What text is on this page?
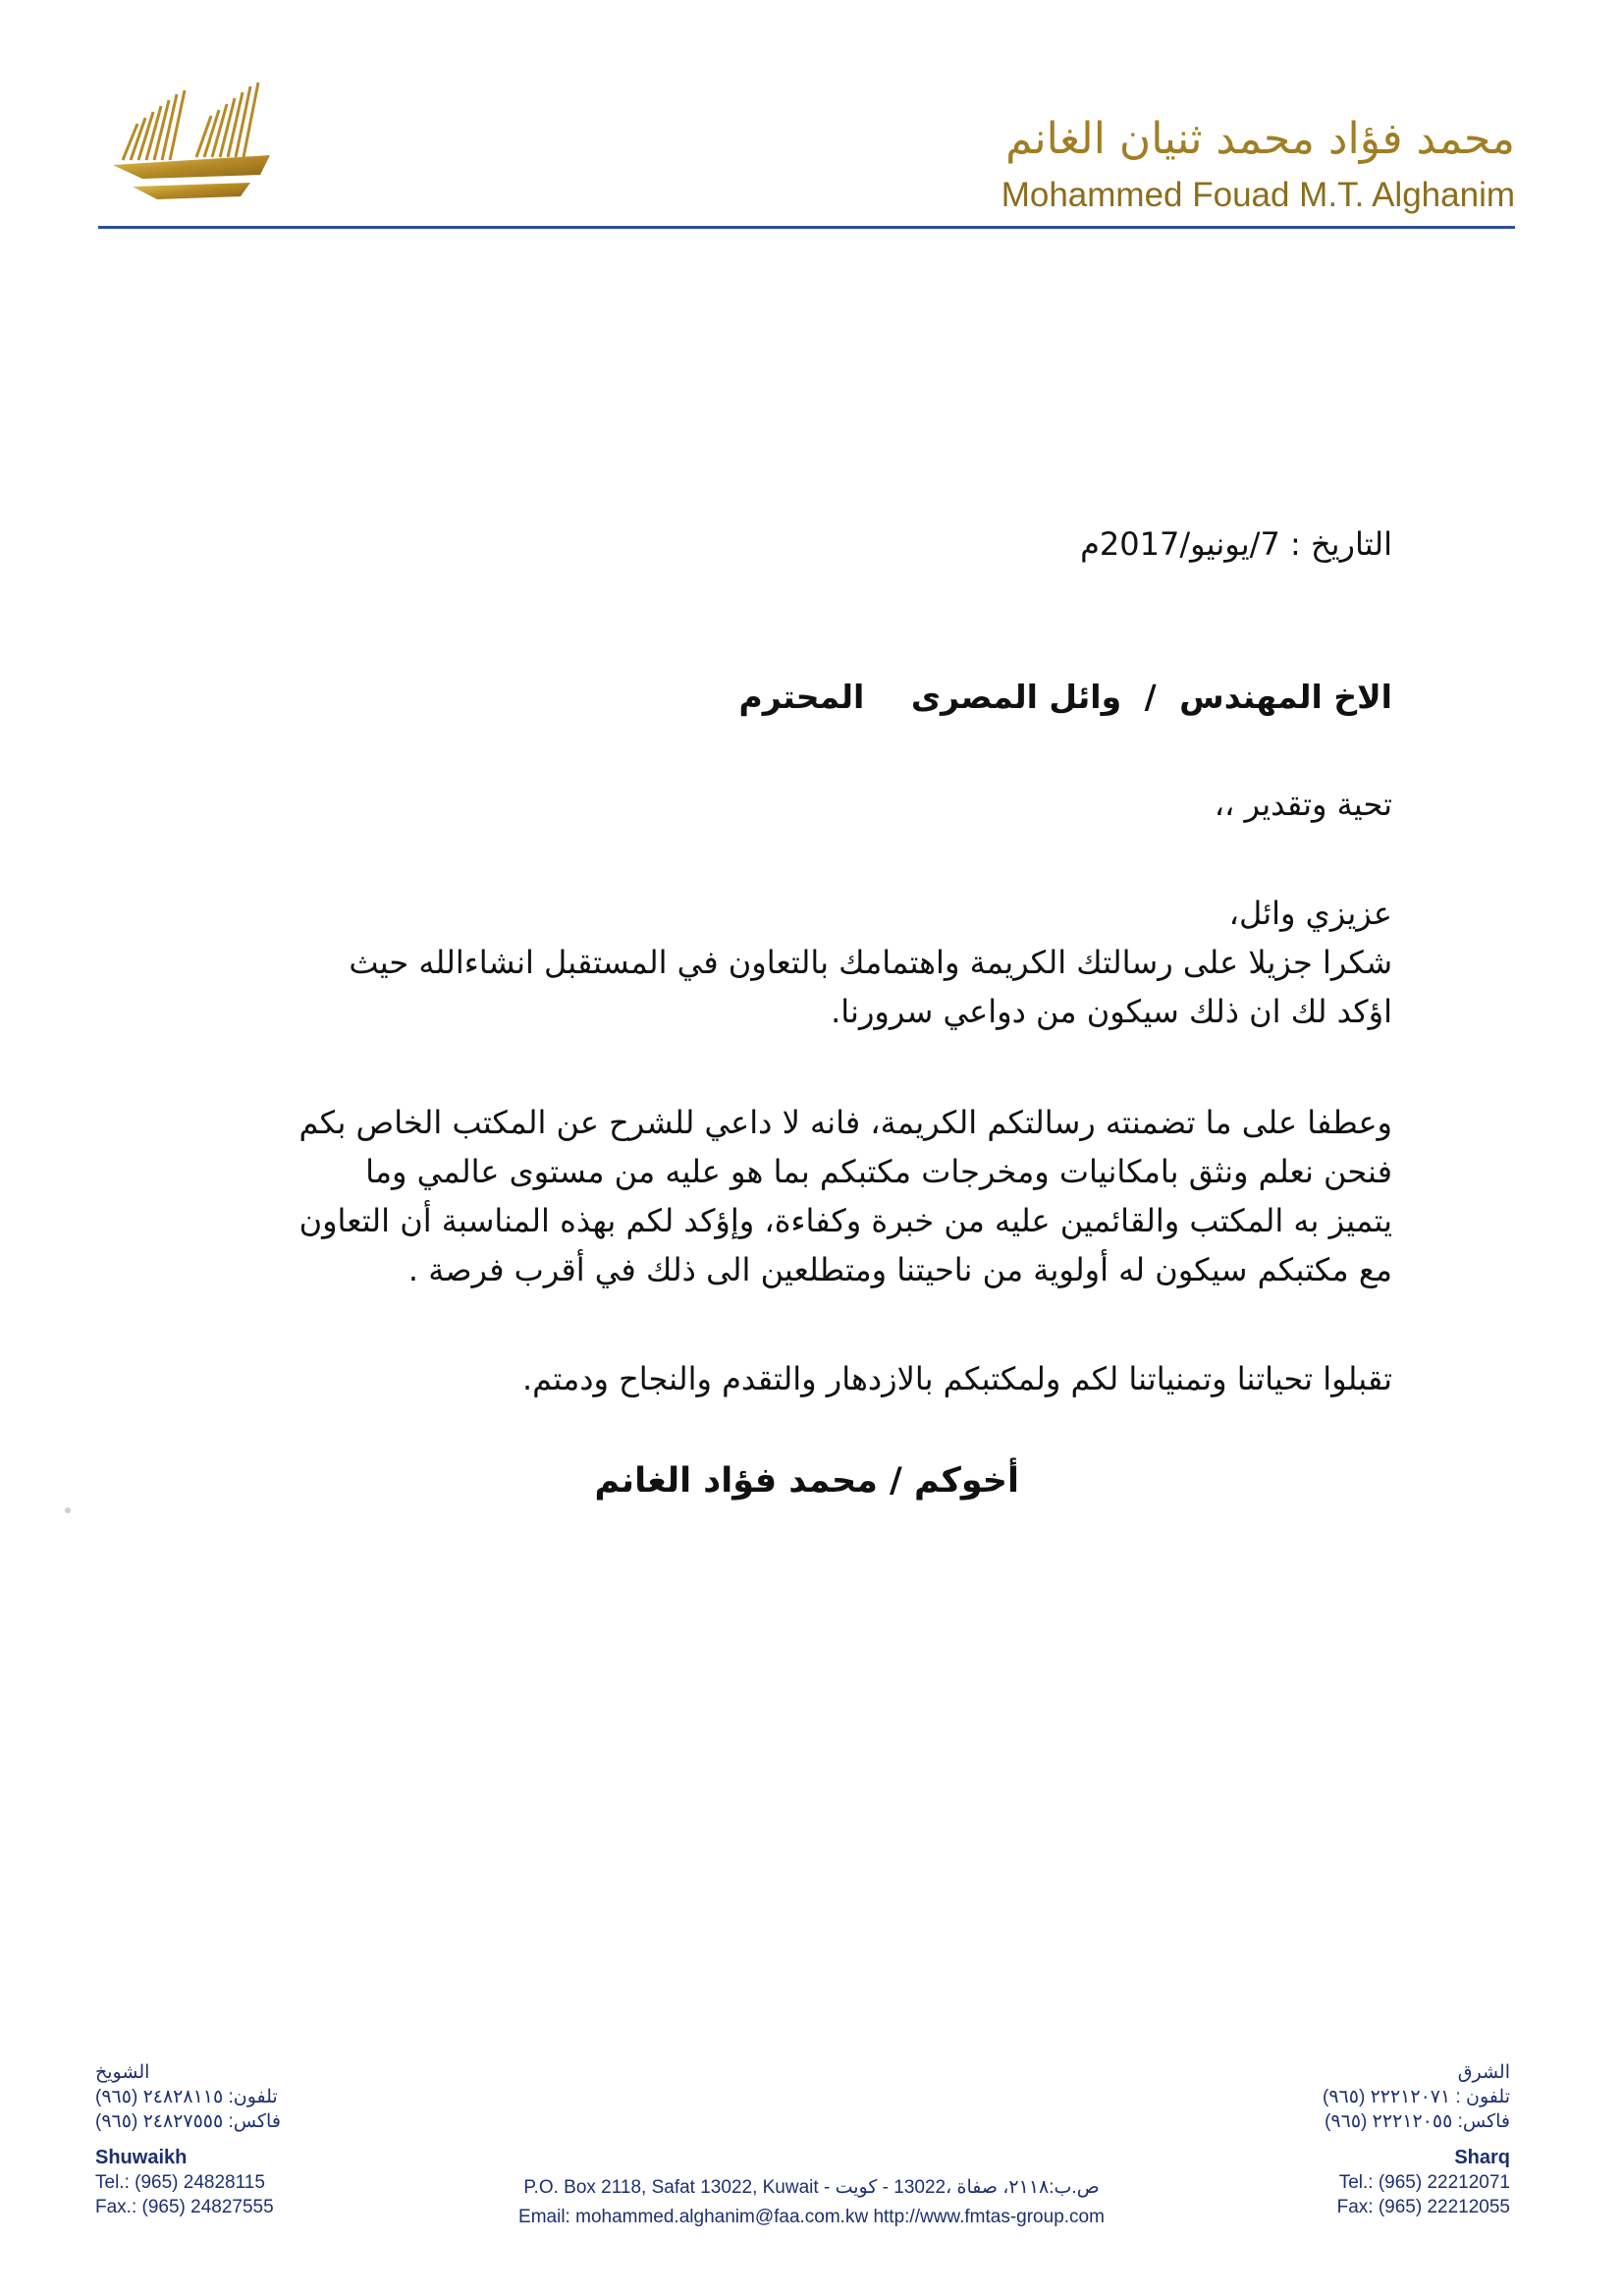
محمد فؤاد محمد ثنيان الغانم
Mohammed Fouad M.T. Alghanim
التاريخ : 7/يونيو/2017م
الاخ المهندس / وائل المصرى المحترم
تحية وتقدير ،،
عزيزي وائل،
شكرا جزيلا على رسالتك الكريمة واهتمامك بالتعاون في المستقبل انشاءالله حيث
اؤكد لك ان ذلك سيكون من دواعي سرورنا.
وعطفا على ما تضمنته رسالتكم الكريمة، فانه لا داعي للشرح عن المكتب الخاص بكم
فنحن نعلم ونثق بامكانيات ومخرجات مكتبكم بما هو عليه من مستوى عالمي وما
يتميز به المكتب والقائمين عليه من خبرة وكفاءة، وإؤكد لكم بهذه المناسبة أن التعاون
مع مكتبكم سيكون له أولوية من ناحيتنا ومتطلعين الى ذلك في أقرب فرصة .
تقبلوا تحياتنا وتمنياتنا لكم ولمكتبكم بالازدهار والتقدم والنجاح ودمتم.
أخوكم / محمد فؤاد الغانم
الشويخ
تلفون: ٢٤٨٢٨١١٥ (٩٦٥)
فاكس: ٢٤٨٢٧٥٥٥ (٩٦٥)
Shuwaikh
Tel.: (965) 24828115
Fax.: (965) 24827555
P.O. Box 2118, Safat 13022, Kuwait - ص.ب:٢١١٨، صفاة ،13022 - كويت
Email: mohammed.alghanim@faa.com.kw http://www.fmtas-group.com
الشرق
تلفون : ٢٢٢١٢٠٧١ (٩٦٥)
فاكس: ٢٢٢١٢٠٥٥ (٩٦٥)
Sharq
Tel.: (965) 22212071
Fax: (965) 22212055
